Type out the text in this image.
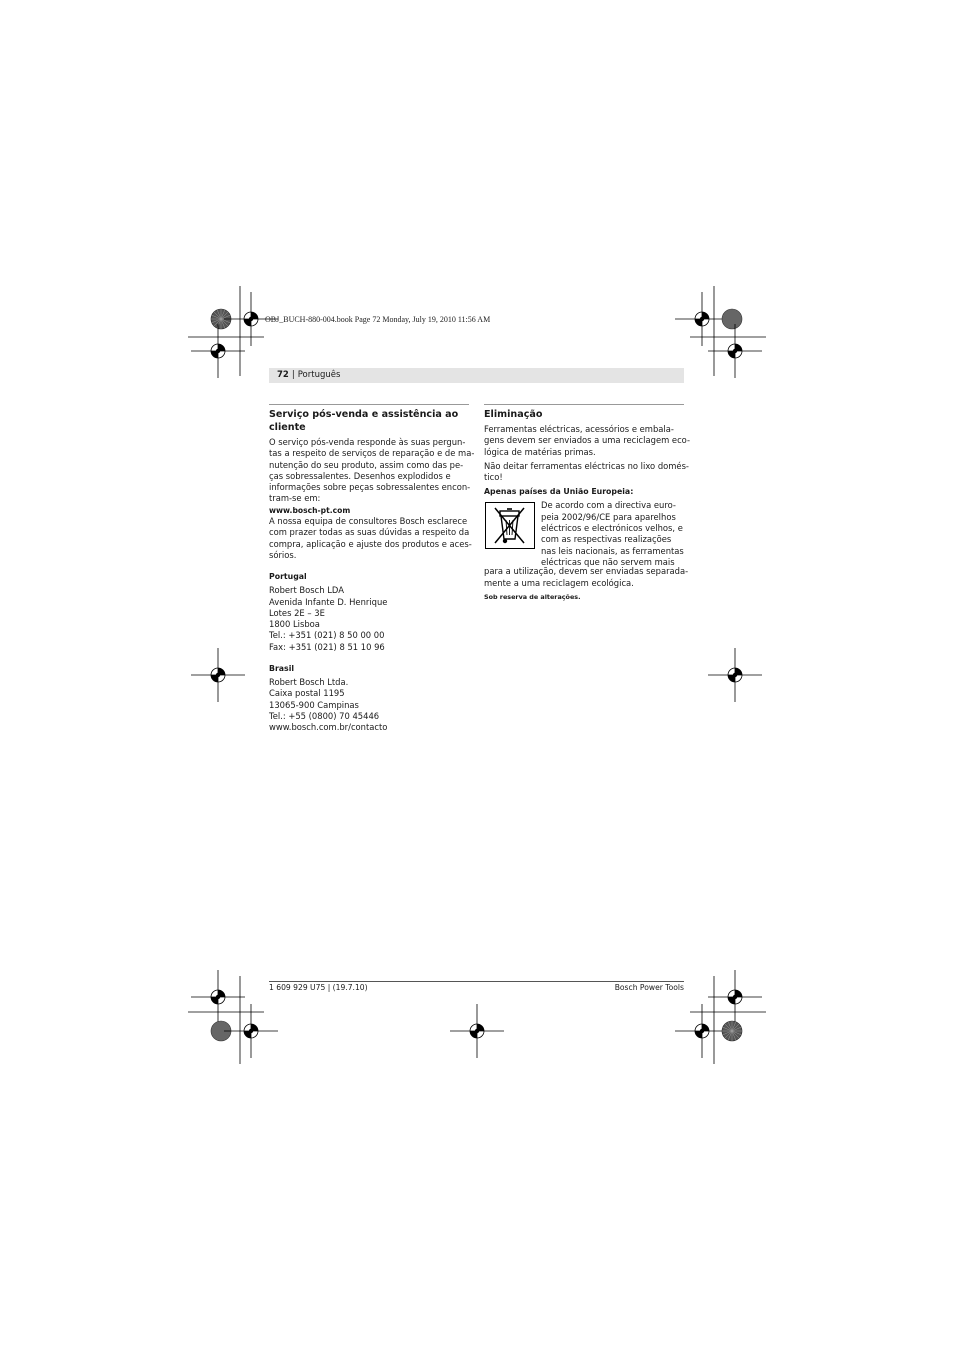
OBJ_BUCH-880-004.book Page 72 Monday, July 19, 2010 11:56 AM
72 | Português
Serviço pós-venda e assistência ao
cliente

O serviço pós-venda responde às suas pergun-
tas a respeito de serviços de reparação e de ma-
nutenção do seu produto, assim como das pe-
ças sobressalentes. Desenhos explodidos e
informações sobre peças sobressalentes encon-
tram-se em:

www.bosch-pt.com

A nossa equipa de consultores Bosch esclarece
com prazer todas as suas dúvidas a respeito da
compra, aplicação e ajuste dos produtos e aces-
sórios.

Portugal

Robert Bosch LDA
Avenida Infante D. Henrique
Lotes 2E – 3E
1800 Lisboa
Tel.: +351 (021) 8 50 00 00
Fax: +351 (021) 8 51 10 96

Brasil

Robert Bosch Ltda.
Caixa postal 1195
13065-900 Campinas
Tel.: +55 (0800) 70 45446
www.bosch.com.br/contacto

Eliminação

Ferramentas eléctricas, acessórios e embala-
gens devem ser enviados a uma reciclagem eco-
lógica de matérias primas.

Não deitar ferramentas eléctricas no lixo domés-
tico!

Apenas países da União Europeia:

De acordo com a directiva euro-
peia 2002/96/CE para aparelhos
eléctricos e electrónicos velhos, e
com as respectivas realizações
nas leis nacionais, as ferramentas
eléctricas que não servem mais

para a utilização, devem ser enviadas separada-
mente a uma reciclagem ecológica.

Sob reserva de alterações.

1 609 929 U75 | (19.7.10)	Bosch Power Tools
